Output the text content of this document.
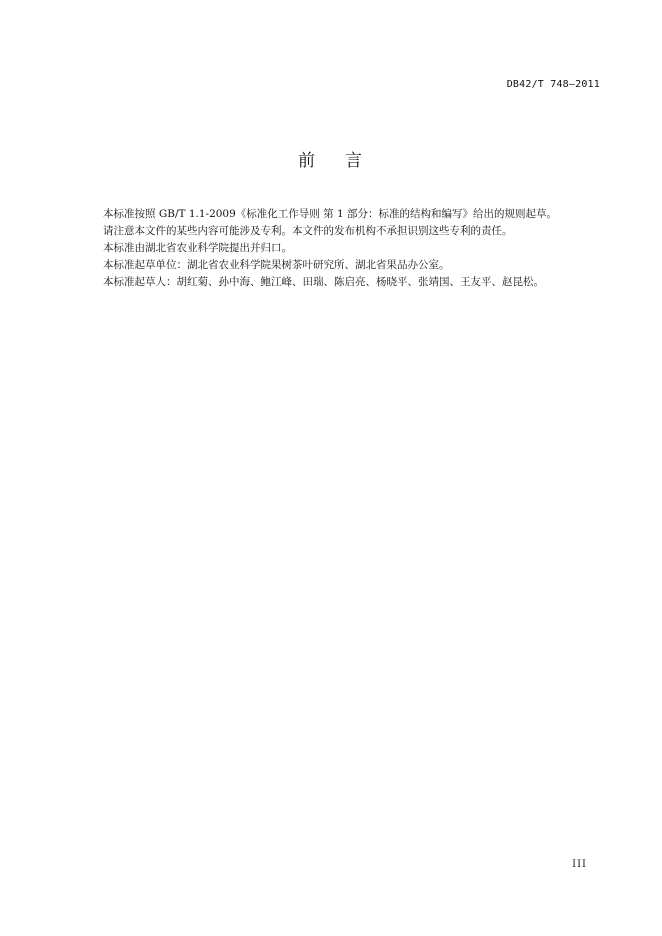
DB42/T 748—2011
前 言

本标准按照 GB/T 1.1-2009《标准化工作导则 第 1 部分：标准的结构和编写》给出的规则起草。

请注意本文件的某些内容可能涉及专利。本文件的发布机构不承担识别这些专利的责任。

本标准由湖北省农业科学院提出并归口。

本标准起草单位：湖北省农业科学院果树茶叶研究所、湖北省果品办公室。

本标准起草人：胡红菊、孙中海、鲍江峰、田瑞、陈启亮、杨晓平、张靖国、王友平、赵昆松。

III
